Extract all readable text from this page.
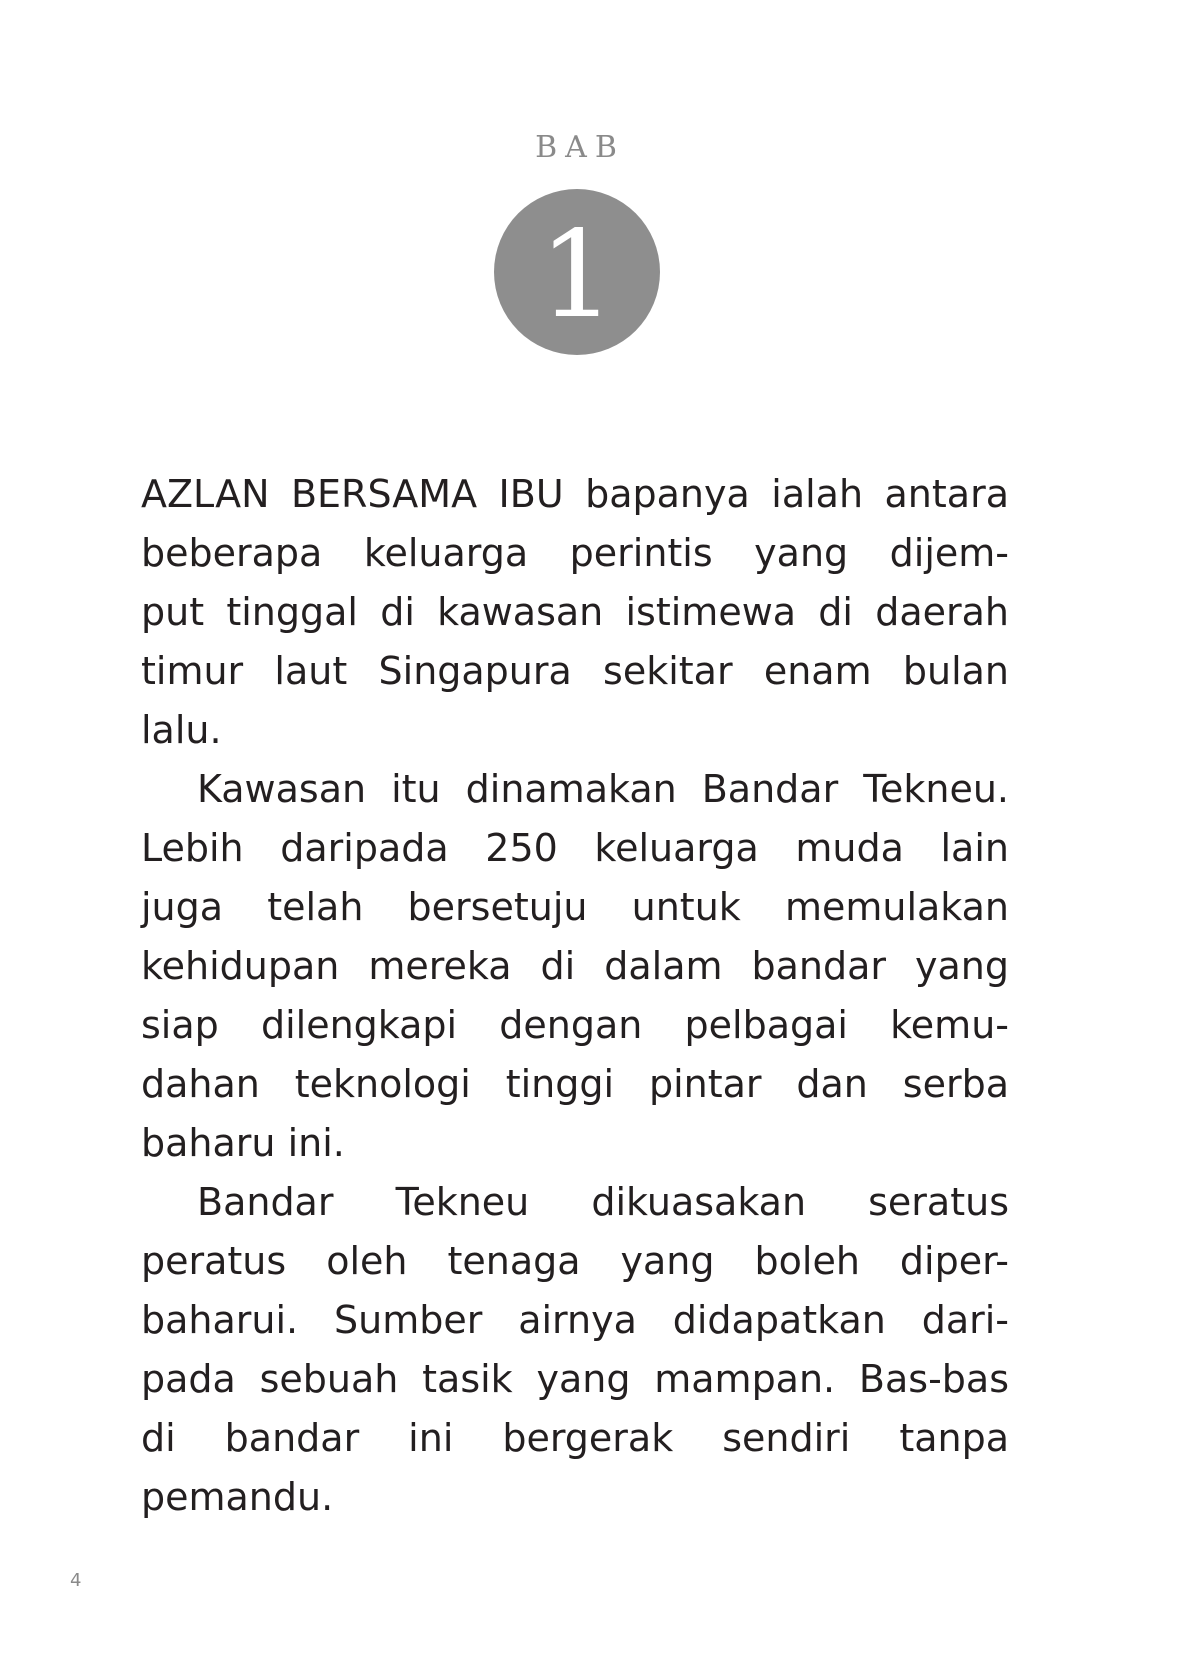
BAB
1

AZLAN BERSAMA IBU bapanya ialah antara
beberapa keluarga perintis yang dijem-
put tinggal di kawasan istimewa di daerah
timur laut Singapura sekitar enam bulan
lalu.

Kawasan itu dinamakan Bandar Tekneu.
Lebih daripada 250 keluarga muda lain
juga telah bersetuju untuk memulakan
kehidupan mereka di dalam bandar yang
siap dilengkapi dengan pelbagai kemu-
dahan teknologi tinggi pintar dan serba
baharu ini.

Bandar Tekneu dikuasakan seratus
peratus oleh tenaga yang boleh diper-
baharui. Sumber airnya didapatkan dari-
pada sebuah tasik yang mampan. Bas-bas
di bandar ini bergerak sendiri tanpa
pemandu.

4
